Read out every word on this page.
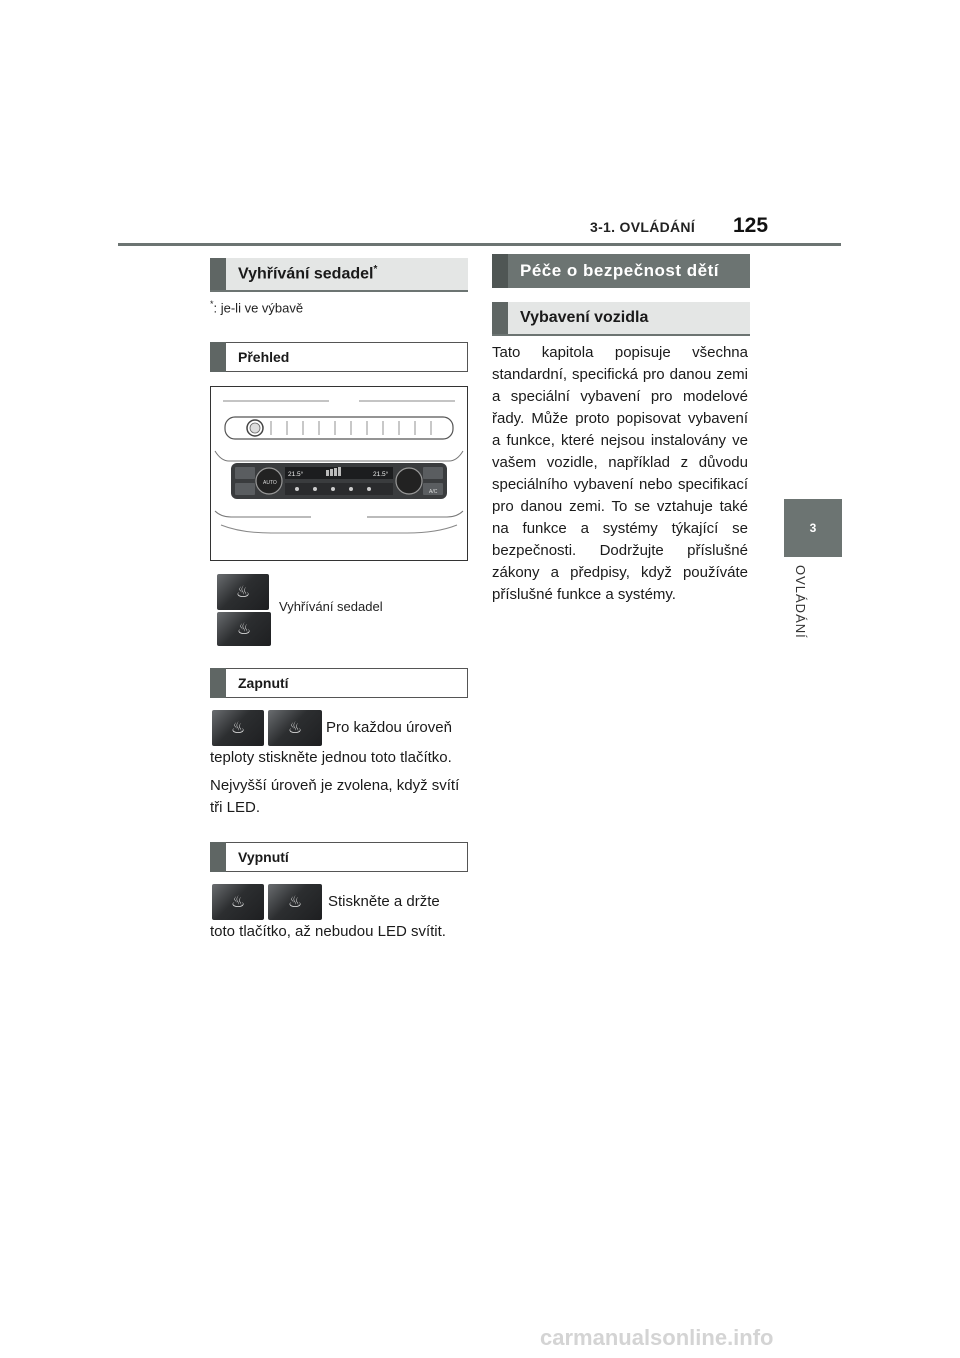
3-1. OVLÁDÁNÍ 125
3
OVLÁDÁNÍ
Vyhřívání sedadel*
*: je-li ve výbavě
Přehled
AUTO
21.5°	21.5°
A/C
♨
♨
Vyhřívání sedadel
Zapnutí
♨	♨	Pro každou úroveň
teploty stiskněte jednou toto tlačítko.
Nejvyšší úroveň je zvolena, když svítí tři LED.
Vypnutí
♨	♨	Stiskněte a držte
toto tlačítko, až nebudou LED svítit.
Péče o bezpečnost dětí
Vybavení vozidla
Tato kapitola popisuje všechna standardní, specifická pro danou zemi a speciální vybavení pro modelové řady. Může proto popisovat vybavení a funkce, které nejsou instalovány ve vašem vozidle, například z důvodu speciálního vybavení nebo specifikací pro danou zemi. To se vztahuje také na funkce a systémy týkající se bezpečnosti. Dodržujte příslušné zákony a předpisy, když používáte příslušné funkce a systémy.
carmanualsonline.info
